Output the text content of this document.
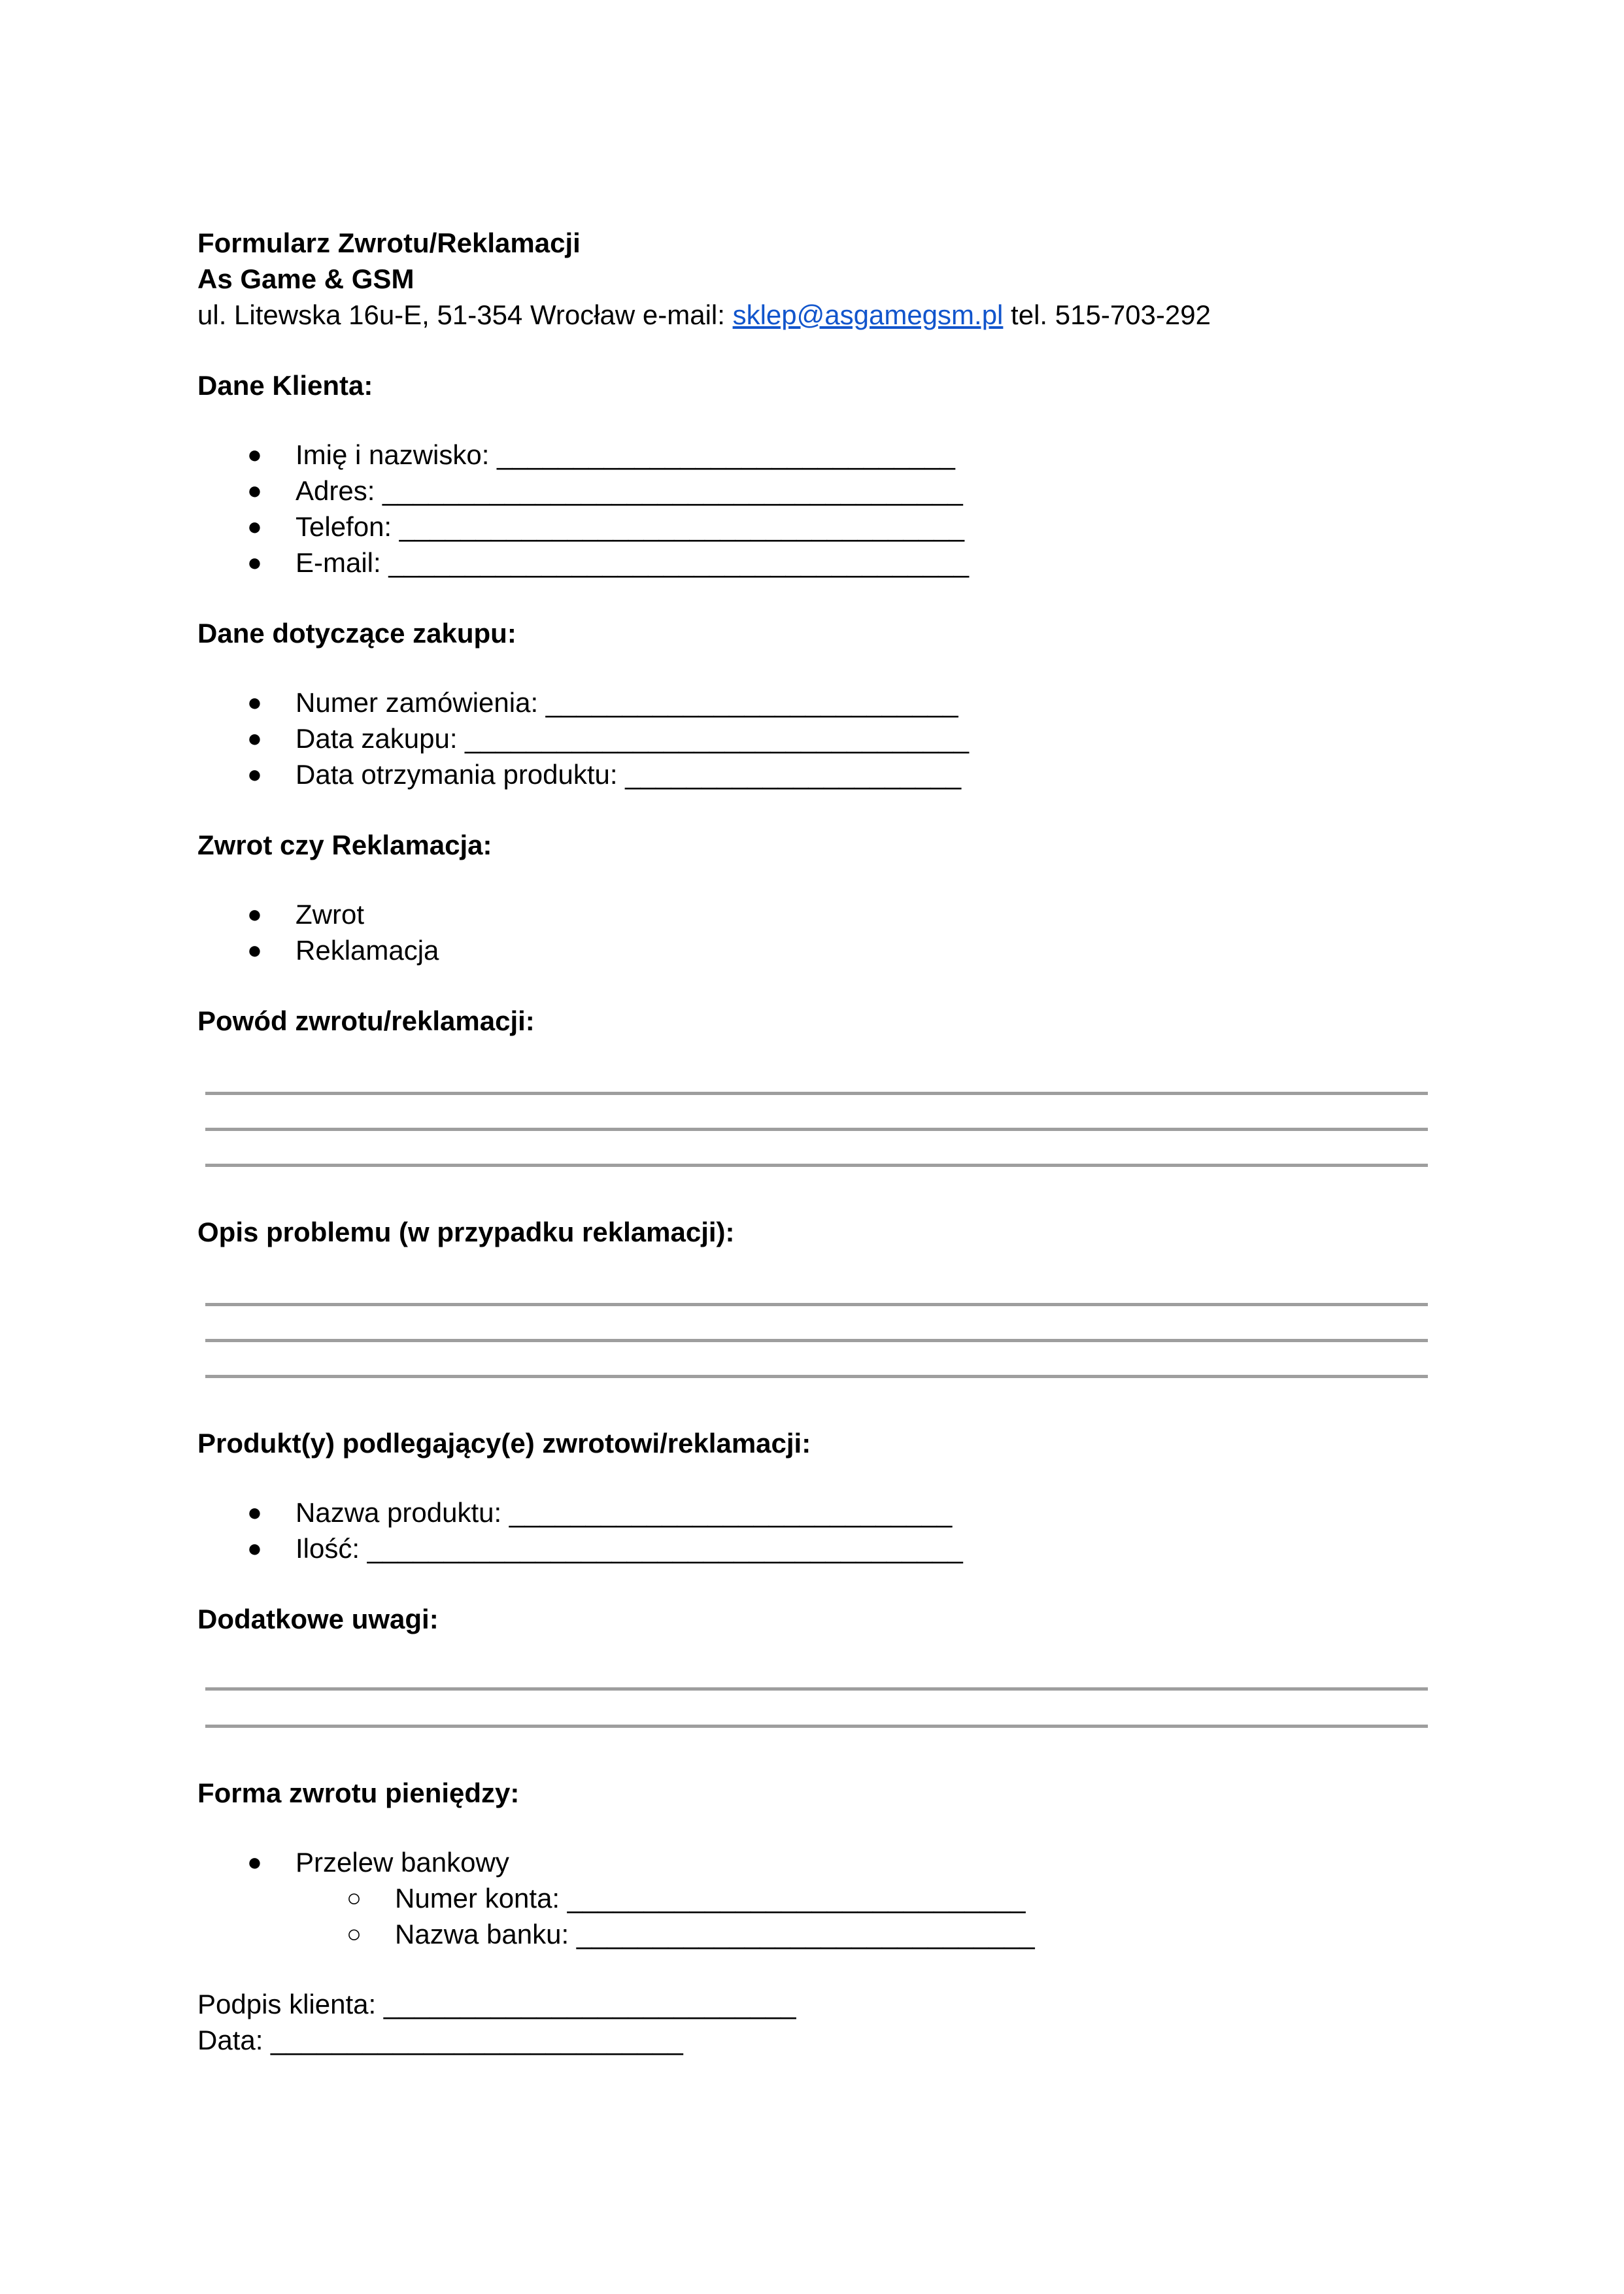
Formularz Zwrotu/Reklamacji
As Game & GSM
ul. Litewska 16u-E, 51-354 Wrocław e-mail: sklep@asgamegsm.pl tel. 515-703-292
Dane Klienta:
● Imię i nazwisko: ______________________________
● Adres: ______________________________________
● Telefon: _____________________________________
● E-mail: ______________________________________
Dane dotyczące zakupu:
● Numer zamówienia: ___________________________
● Data zakupu: _________________________________
● Data otrzymania produktu: ______________________
Zwrot czy Reklamacja:
● Zwrot
● Reklamacja
Powód zwrotu/reklamacji:
Opis problemu (w przypadku reklamacji):
Produkt(y) podlegający(e) zwrotowi/reklamacji:
● Nazwa produktu: _____________________________
● Ilość: _______________________________________
Dodatkowe uwagi:
Forma zwrotu pieniędzy:
● Przelew bankowy
○ Numer konta: ______________________________
○ Nazwa banku: ______________________________
Podpis klienta: ___________________________
Data: ___________________________
